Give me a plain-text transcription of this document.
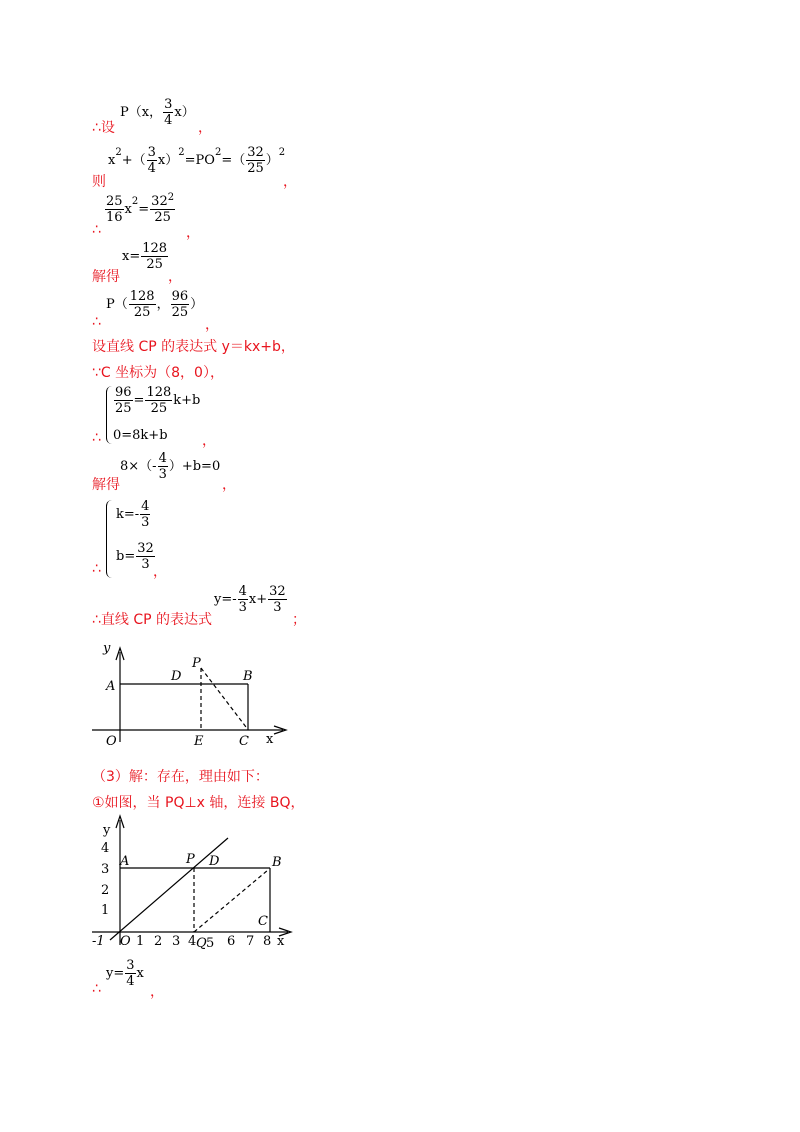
∴设
P（x， $\frac{3}{4} x$）
，
则
$x^2+( \frac{3}{4} x)^2=PO^2=( \frac{32}{25} )^2$
，
∴
$\frac{25}{16} x^2= \frac{32^2}{25}$
，
解得
$x= \frac{128}{25}$
，
∴
$P( \frac{128}{25}$ ， $\frac{96}{25}$ ）
，
设直线 CP 的表达式 y＝kx+b，
∵C 坐标为（8，0），
∴
$\frac{96}{25} = \frac{128}{25} k+b$
0=8k+b ，
解得
$8\times(- \frac{4}{3} )+b=0$
，
∴
$k=- \frac{4}{3}$
$b= \frac{32}{3}$
，
∴直线 CP 的表达式
$y=- \frac{4}{3} x+ \frac{32}{3}$
；
y
A
D
P
B
O	E	C x
（3）解：存在，理由如下：
①如图，当 PQ⊥x 轴，连接 BQ，
y
4
3
2
1
-1 O 1 2 3 4 Q 5 6 7 8 x
A	P D	B
C
∴
$y= \frac{3}{4}$ x
，
